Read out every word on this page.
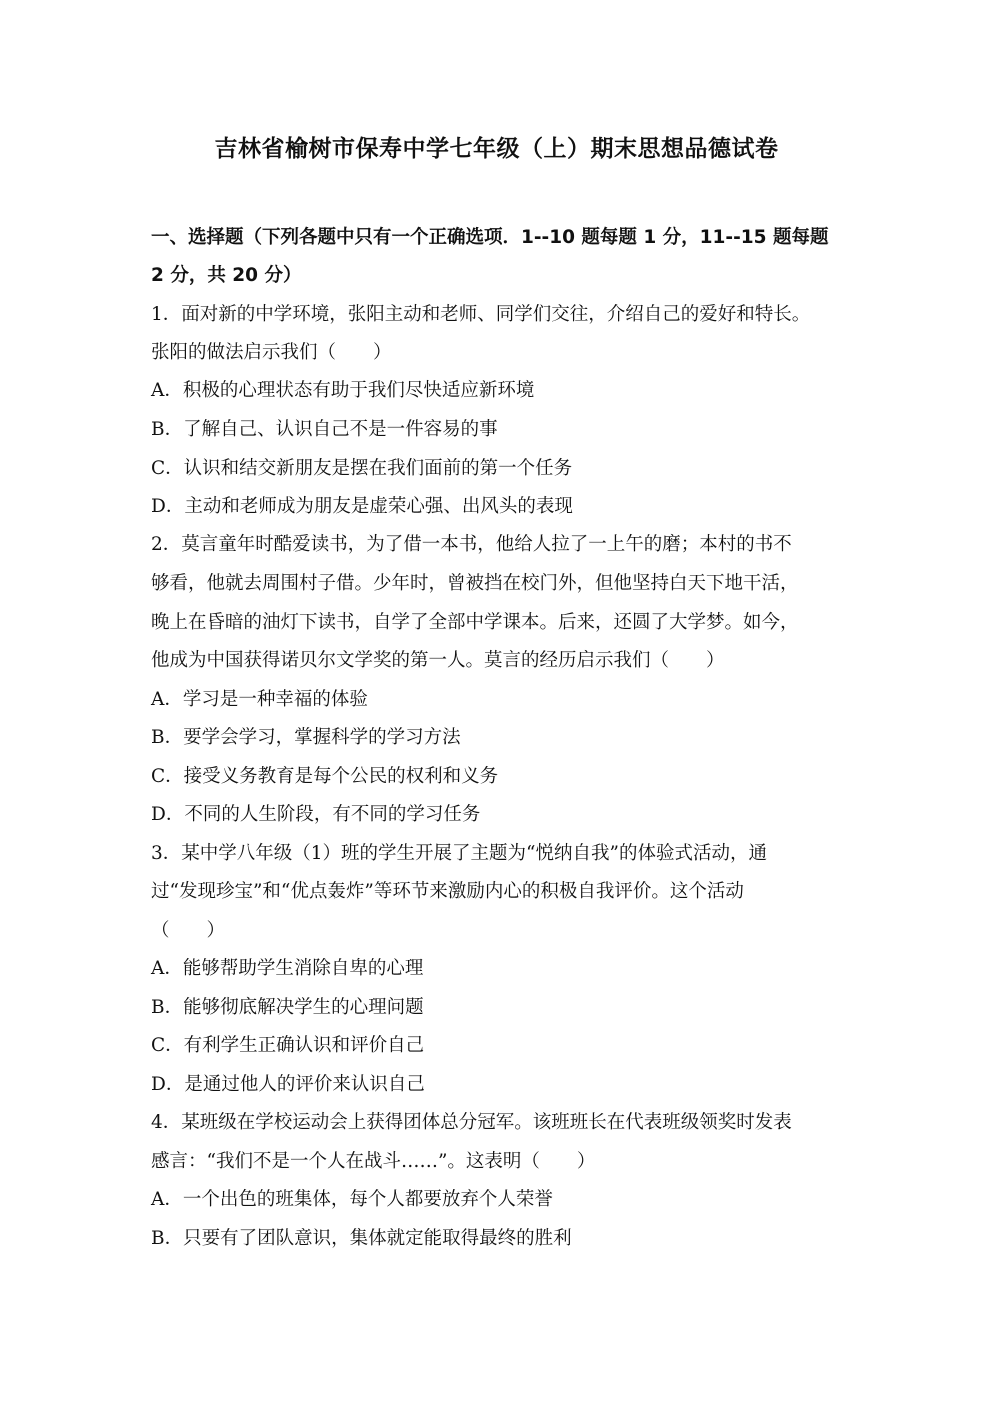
吉林省榆树市保寿中学七年级（上）期末思想品德试卷
一、选择题（下列各题中只有一个正确选项．1--10 题每题 1 分，11--15 题每题
2 分，共 20 分）
1．面对新的中学环境，张阳主动和老师、同学们交往，介绍自己的爱好和特长。
张阳的做法启示我们（　　）
A．积极的心理状态有助于我们尽快适应新环境
B．了解自己、认识自己不是一件容易的事
C．认识和结交新朋友是摆在我们面前的第一个任务
D．主动和老师成为朋友是虚荣心强、出风头的表现
2．莫言童年时酷爱读书，为了借一本书，他给人拉了一上午的磨；本村的书不
够看，他就去周围村子借。少年时，曾被挡在校门外，但他坚持白天下地干活，
晚上在昏暗的油灯下读书，自学了全部中学课本。后来，还圆了大学梦。如今，
他成为中国获得诺贝尔文学奖的第一人。莫言的经历启示我们（　　）
A．学习是一种幸福的体验
B．要学会学习，掌握科学的学习方法
C．接受义务教育是每个公民的权利和义务
D．不同的人生阶段，有不同的学习任务
3．某中学八年级（1）班的学生开展了主题为“悦纳自我”的体验式活动，通
过“发现珍宝”和“优点轰炸”等环节来激励内心的积极自我评价。这个活动
（　　）
A．能够帮助学生消除自卑的心理
B．能够彻底解决学生的心理问题
C．有利学生正确认识和评价自己
D．是通过他人的评价来认识自己
4．某班级在学校运动会上获得团体总分冠军。该班班长在代表班级领奖时发表
感言：“我们不是一个人在战斗……”。这表明（　　）
A．一个出色的班集体，每个人都要放弃个人荣誉
B．只要有了团队意识，集体就定能取得最终的胜利
